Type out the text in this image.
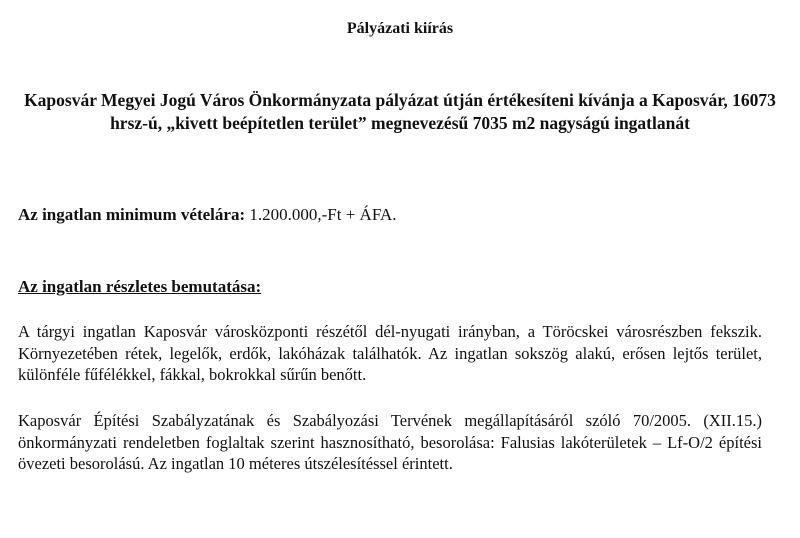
Pályázati kiírás
Kaposvár Megyei Jogú Város Önkormányzata pályázat útján értékesíteni kívánja a Kaposvár, 16073 hrsz-ú, „kivett beépítetlen terület” megnevezésű 7035 m2 nagyságú ingatlanát
Az ingatlan minimum vételára: 1.200.000,-Ft + ÁFA.
Az ingatlan részletes bemutatása:
A tárgyi ingatlan Kaposvár városközponti részétől dél-nyugati irányban, a Töröcskei városrészben fekszik. Környezetében rétek, legelők, erdők, lakóházak találhatók. Az ingatlan sokszög alakú, erősen lejtős terület, különféle fűfélékkel, fákkal, bokrokkal sűrűn benőtt.
Kaposvár Építési Szabályzatának és Szabályozási Tervének megállapításáról szóló 70/2005. (XII.15.) önkormányzati rendeletben foglaltak szerint hasznosítható, besorolása: Falusias lakóterületek – Lf-O/2 építési övezeti besorolású. Az ingatlan 10 méteres útszélesítéssel érintett.
